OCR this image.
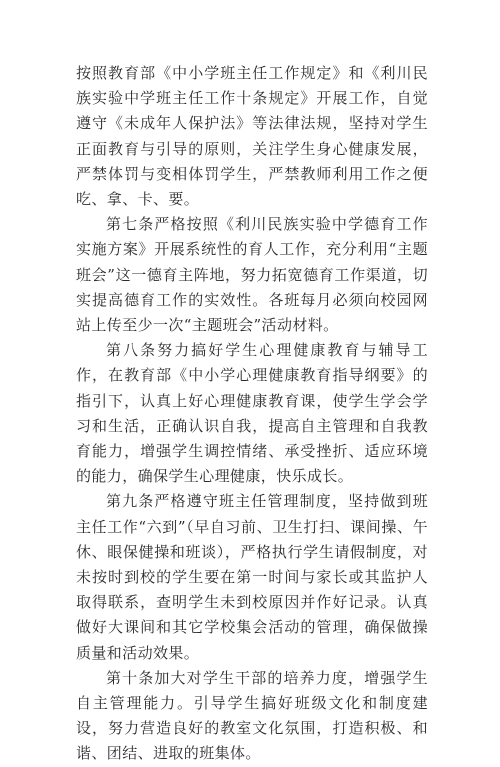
按照教育部《中小学班主任工作规定》和《利川民族实验中学班主任工作十条规定》开展工作，自觉遵守《未成年人保护法》等法律法规，坚持对学生正面教育与引导的原则，关注学生身心健康发展，严禁体罚与变相体罚学生，严禁教师利用工作之便吃、拿、卡、要。

第七条严格按照《利川民族实验中学德育工作实施方案》开展系统性的育人工作，充分利用“主题班会”这一德育主阵地，努力拓宽德育工作渠道，切实提高德育工作的实效性。各班每月必须向校园网站上传至少一次“主题班会”活动材料。

第八条努力搞好学生心理健康教育与辅导工作，在教育部《中小学心理健康教育指导纲要》的指引下，认真上好心理健康教育课，使学生学会学习和生活，正确认识自我，提高自主管理和自我教育能力，增强学生调控情绪、承受挫折、适应环境的能力，确保学生心理健康，快乐成长。

第九条严格遵守班主任管理制度，坚持做到班主任工作“六到”（早自习前、卫生打扫、课间操、午休、眼保健操和班谈），严格执行学生请假制度，对未按时到校的学生要在第一时间与家长或其监护人取得联系，查明学生未到校原因并作好记录。认真做好大课间和其它学校集会活动的管理，确保做操质量和活动效果。

第十条加大对学生干部的培养力度，增强学生自主管理能力。引导学生搞好班级文化和制度建设，努力营造良好的教室文化氛围，打造积极、和谐、团结、进取的班集体。
